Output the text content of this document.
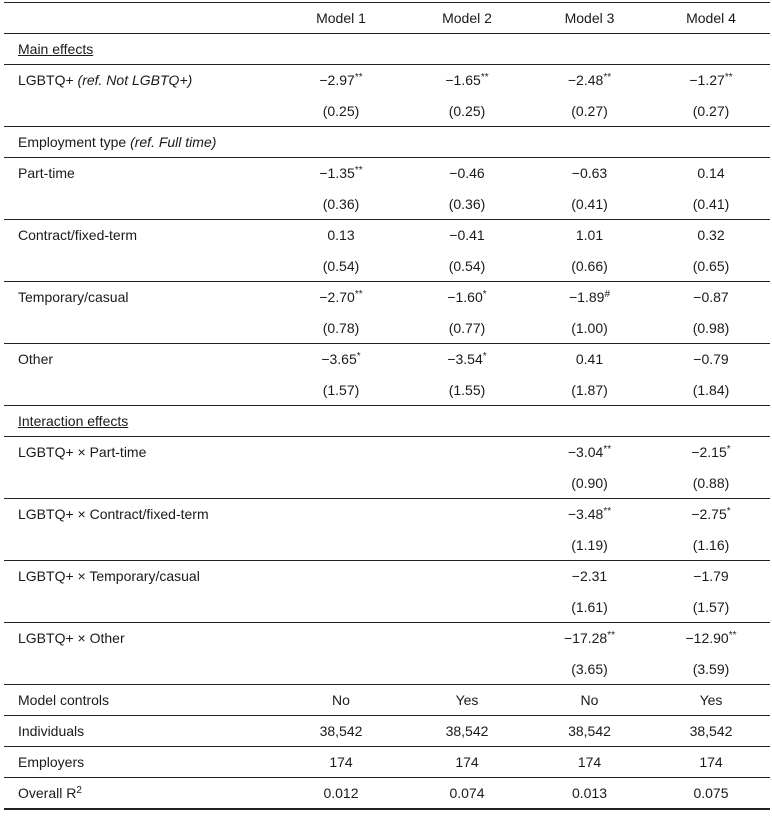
	Model 1	Model 2	Model 3	Model 4
Main effects				
LGBTQ+ (ref. Not LGBTQ+)	−2.97**	−1.65**	−2.48**	−1.27**
	(0.25)	(0.25)	(0.27)	(0.27)
Employment type (ref. Full time)				
Part-time	−1.35**	−0.46	−0.63	0.14
	(0.36)	(0.36)	(0.41)	(0.41)
Contract/fixed-term	0.13	−0.41	1.01	0.32
	(0.54)	(0.54)	(0.66)	(0.65)
Temporary/casual	−2.70**	−1.60*	−1.89#	−0.87
	(0.78)	(0.77)	(1.00)	(0.98)
Other	−3.65*	−3.54*	0.41	−0.79
	(1.57)	(1.55)	(1.87)	(1.84)
Interaction effects				
LGBTQ+ × Part-time			−3.04**	−2.15*
			(0.90)	(0.88)
LGBTQ+ × Contract/fixed-term			−3.48**	−2.75*
			(1.19)	(1.16)
LGBTQ+ × Temporary/casual			−2.31	−1.79
			(1.61)	(1.57)
LGBTQ+ × Other			−17.28**	−12.90**
			(3.65)	(3.59)
Model controls	No	Yes	No	Yes
Individuals	38,542	38,542	38,542	38,542
Employers	174	174	174	174
Overall $R^2$	0.012	0.074	0.013	0.075
